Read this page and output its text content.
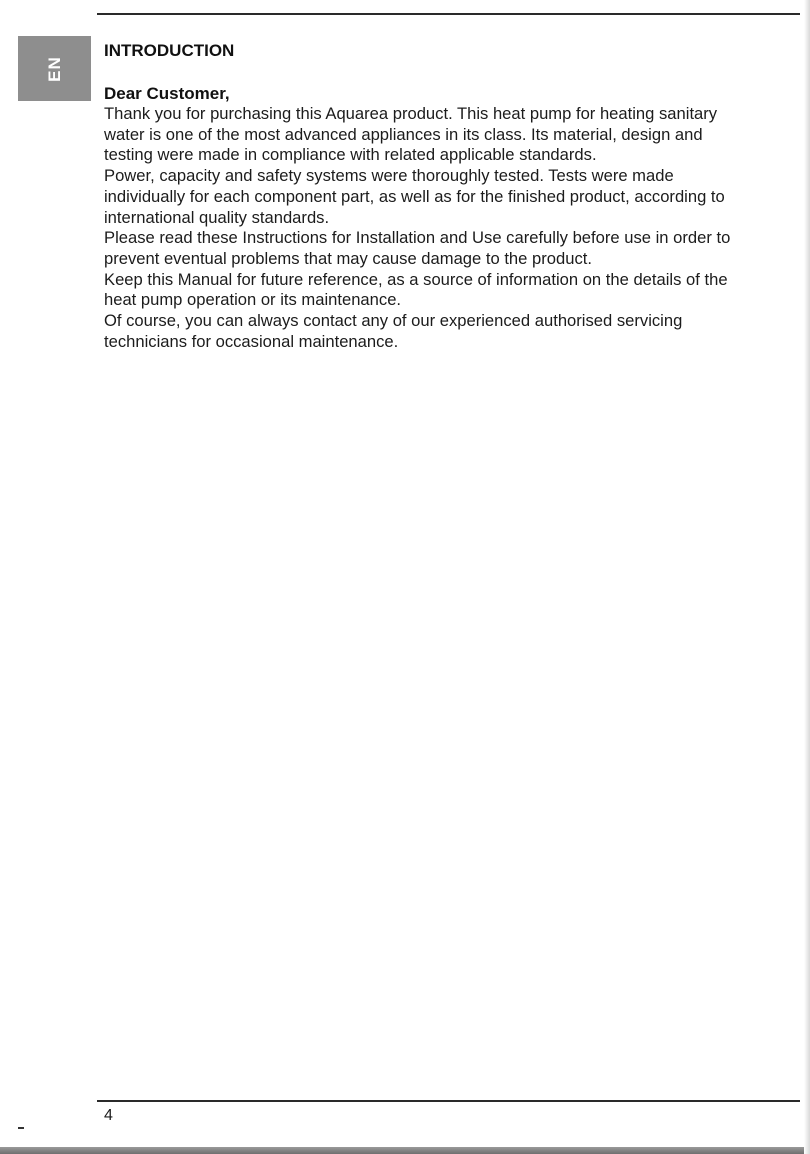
EN
INTRODUCTION

Dear Customer,

Thank you for purchasing this Aquarea product. This heat pump for heating sanitary
water is one of the most advanced appliances in its class. Its material, design and
testing were made in compliance with related applicable standards.
Power, capacity and safety systems were thoroughly tested. Tests were made
individually for each component part, as well as for the finished product, according to
international quality standards.
Please read these Instructions for Installation and Use carefully before use in order to
prevent eventual problems that may cause damage to the product.
Keep this Manual for future reference, as a source of information on the details of the
heat pump operation or its maintenance.
Of course, you can always contact any of our experienced authorised servicing
technicians for occasional maintenance.
4
